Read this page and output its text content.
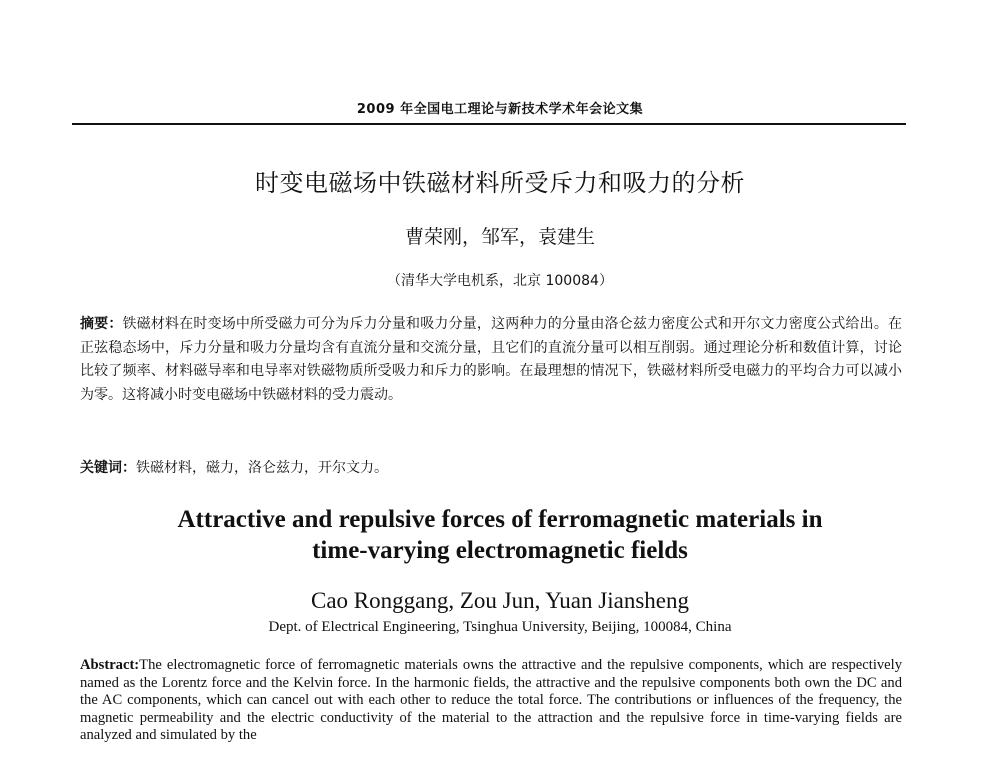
2009 年全国电工理论与新技术学术年会论文集
时变电磁场中铁磁材料所受斥力和吸力的分析
曹荣刚，邹军，袁建生
（清华大学电机系，北京 100084）
摘要：铁磁材料在时变场中所受磁力可分为斥力分量和吸力分量，这两种力的分量由洛仑兹力密度公式和开尔文力密度公式给出。在正弦稳态场中，斥力分量和吸力分量均含有直流分量和交流分量，且它们的直流分量可以相互削弱。通过理论分析和数值计算，讨论比较了频率、材料磁导率和电导率对铁磁物质所受吸力和斥力的影响。在最理想的情况下，铁磁材料所受电磁力的平均合力可以减小为零。这将减小时变电磁场中铁磁材料的受力震动。
关键词：铁磁材料，磁力，洛仑兹力，开尔文力。
Attractive and repulsive forces of ferromagnetic materials in
time-varying electromagnetic fields
Cao Ronggang, Zou Jun, Yuan Jiansheng
Dept. of Electrical Engineering, Tsinghua University, Beijing, 100084, China
Abstract:The electromagnetic force of ferromagnetic materials owns the attractive and the repulsive components, which are respectively named as the Lorentz force and the Kelvin force. In the harmonic fields, the attractive and the repulsive components both own the DC and the AC components, which can cancel out with each other to reduce the total force. The contributions or influences of the frequency, the magnetic permeability and the electric conductivity of the material to the attraction and the repulsive force in time-varying fields are analyzed and simulated by the
